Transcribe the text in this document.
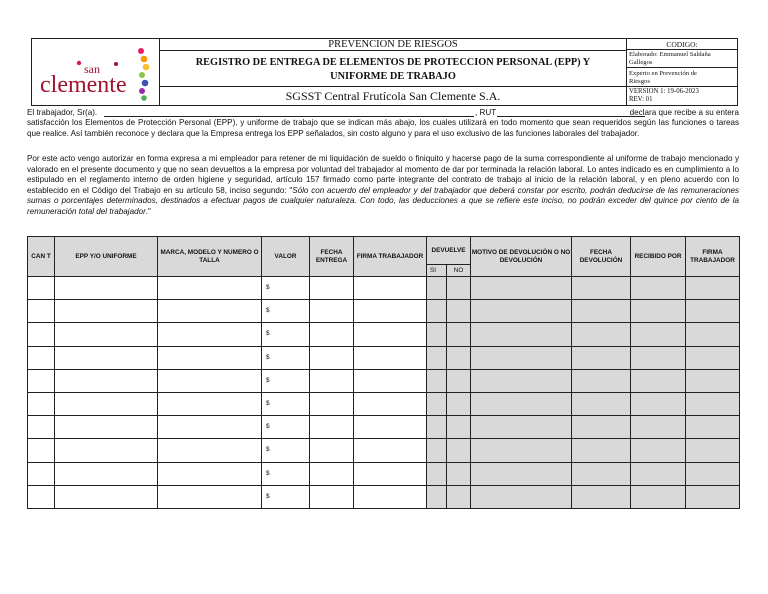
san
clemente
PREVENCION DE RIESGOS
REGISTRO DE ENTREGA DE ELEMENTOS DE PROTECCION PERSONAL (EPP) Y
UNIFORME DE TRABAJO
SGSST Central Frutícola San Clemente S.A.
CODIGO:
Elaborado: Emmanuel Saldaña
Gallegos
Experto en Prevención de
Riesgos
VERSION 1: 19-06-2023
REV: 01
El trabajador, Sr(a).	, RUT	declara que recibe a su entera
satisfacción los Elementos de Protección Personal (EPP), y uniforme de trabajo que se indican más abajo, los cuales utilizará en todo momento que sean requeridos según las funciones o tareas que realice. Así también reconoce y declara que la Empresa entrega los EPP señalados, sin costo alguno y para el uso exclusivo de las funciones laborales del trabajador.
Por este acto vengo autorizar en forma expresa a mi empleador para retener de mi liquidación de sueldo o finiquito y hacerse pago de la suma correspondiente al uniforme de trabajo mencionado y valorado en el presente documento y que no sean devueltos a la empresa por voluntad del trabajador al momento de dar por terminada la relación laboral. Lo antes indicado es en cumplimiento a lo estipulado en el reglamento interno de orden higiene y seguridad, artículo 157 firmado como parte integrante del contrato de trabajo al inicio de la relación laboral, y en pleno acuerdo con lo establecido en el Código del Trabajo en su artículo 58, inciso segundo: "Sólo con acuerdo del empleador y del trabajador que deberá constar por escrito, podrán deducirse de las remuneraciones sumas o porcentajes determinados, destinados a efectuar pagos de cualquier naturaleza. Con todo, las deducciones a que se refiere este inciso, no podrán exceder del quince por ciento de la remuneración total del trabajador."
CAN T	EPP Y/O UNIFORME	MARCA, MODELO Y NUMERO O TALLA	VALOR	FECHA ENTREGA	FIRMA TRABAJADOR	DEVUELVE		MOTIVO DE DEVOLUCIÓN O NO DEVOLUCIÓN	FECHA DEVOLUCIÓN	RECIBIDO POR	FIRMA TRABAJADOR
						SI	NO				
			$								
			$								
			$								
			$								
			$								
			$								
			$								
			$								
			$								
			$								
